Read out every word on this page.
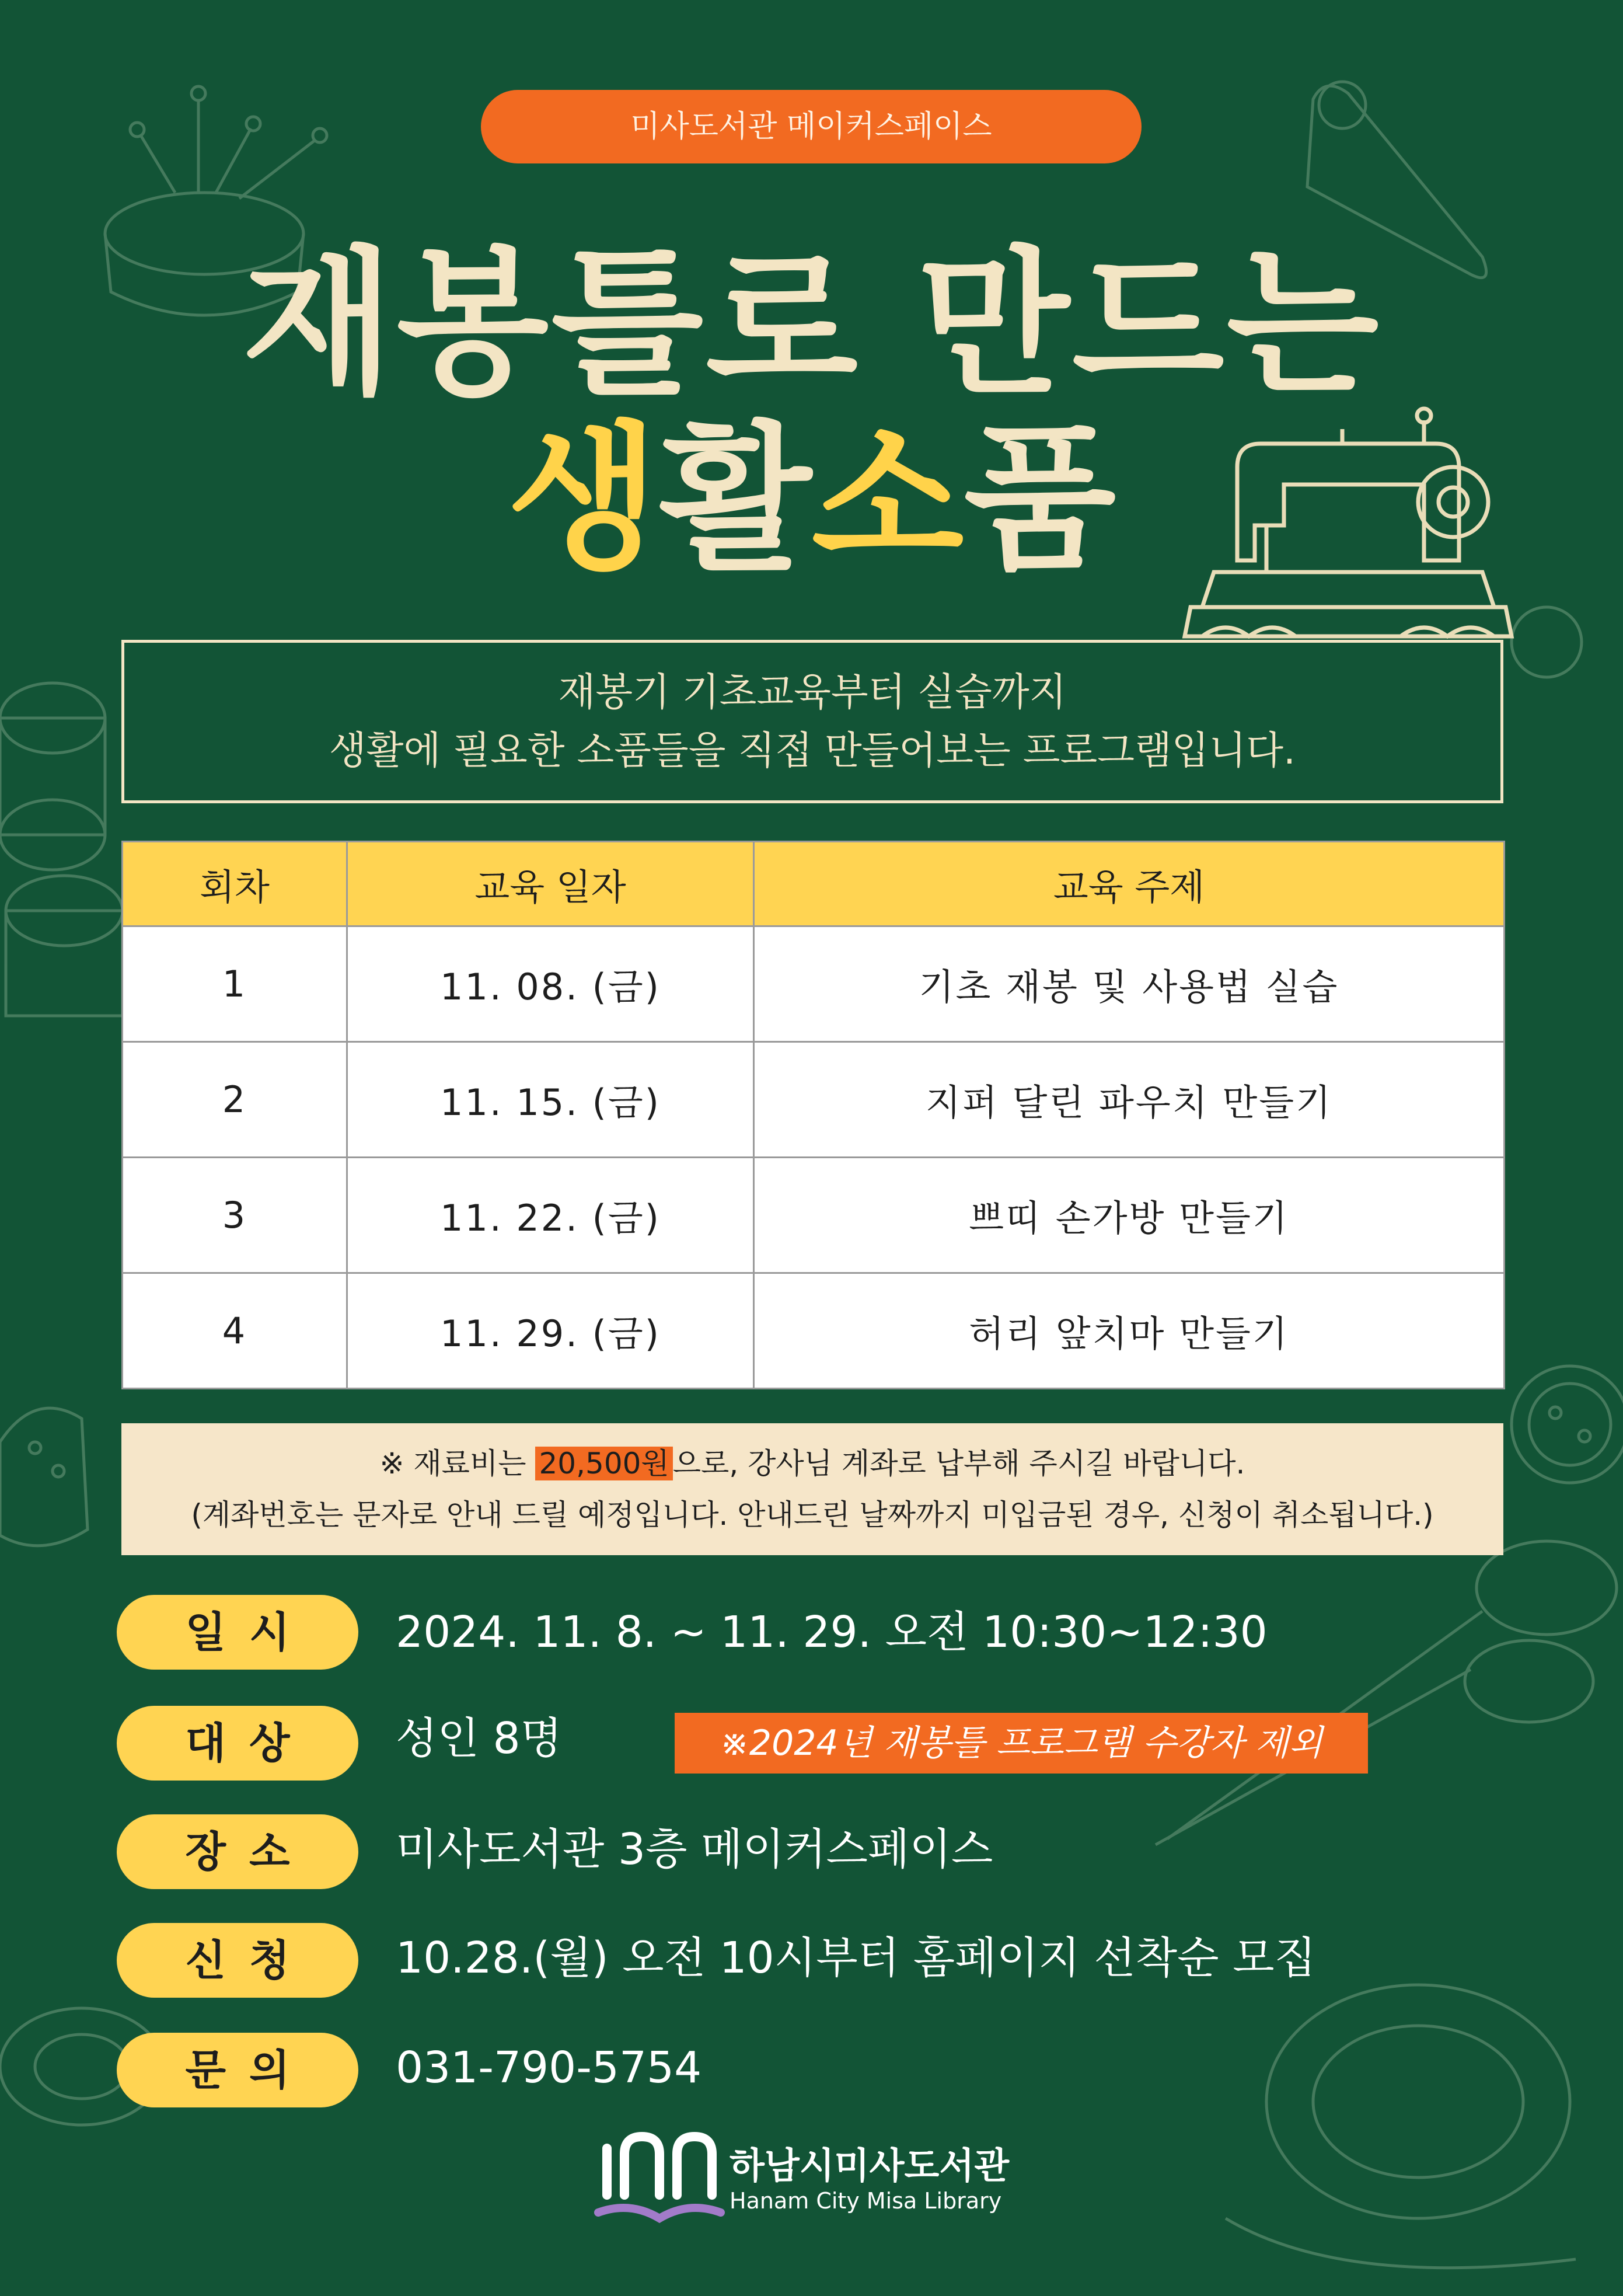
미사도서관 메이커스페이스
재봉틀로 만드는
생활소품
재봉기 기초교육부터 실습까지
생활에 필요한 소품들을 직접 만들어보는 프로그램입니다.
회차	교육 일자	교육 주제
1	11. 08. (금)	기초 재봉 및 사용법 실습
2	11. 15. (금)	지퍼 달린 파우치 만들기
3	11. 22. (금)	쁘띠 손가방 만들기
4	11. 29. (금)	허리 앞치마 만들기
※ 재료비는 20,500원 으로, 강사님 계좌로 납부해 주시길 바랍니다.
(계좌번호는 문자로 안내 드릴 예정입니다. 안내드린 날짜까지 미입금된 경우, 신청이 취소됩니다.)
일시	2024. 11. 8. ~ 11. 29. 오전 10:30~12:30
대상	성인 8명	※2024년 재봉틀 프로그램 수강자 제외
장소	미사도서관 3층 메이커스페이스
신청	10.28.(월) 오전 10시부터 홈페이지 선착순 모집
문의	031-790-5754
하남시미사도서관
Hanam City Misa Library
